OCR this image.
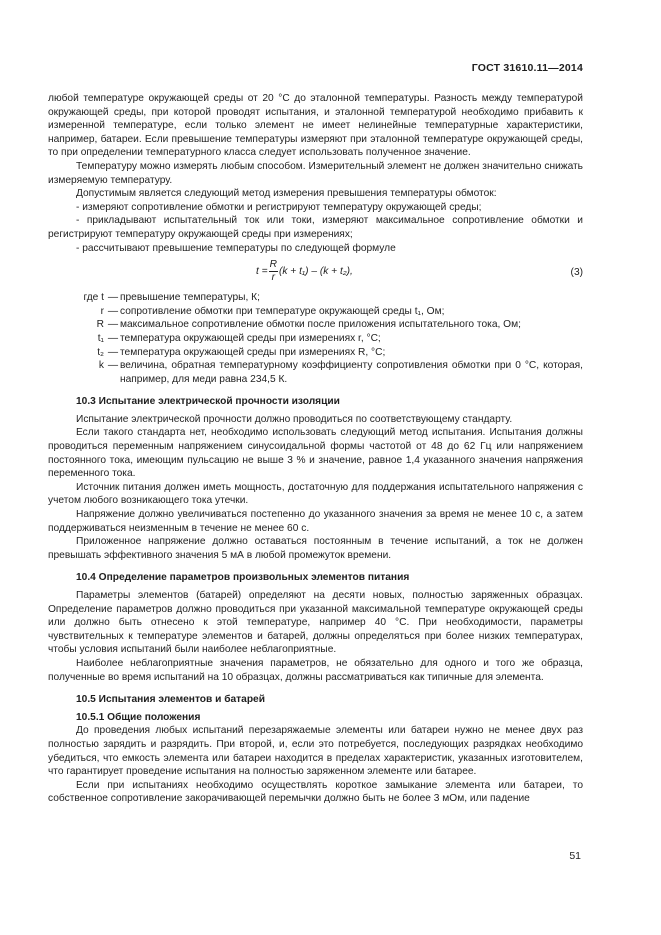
ГОСТ 31610.11—2014

любой температуре окружающей среды от 20 °С до эталонной температуры. Разность между температурой окружающей среды, при которой проводят испытания, и эталонной температурой необходимо прибавить к измеренной температуре, если только элемент не имеет нелинейные температурные характеристики, например, батареи. Если превышение температуры измеряют при эталонной температуре окружающей среды, то при определении температурного класса следует использовать полученное значение.

Температуру можно измерять любым способом. Измерительный элемент не должен значительно снижать измеряемую температуру.

Допустимым является следующий метод измерения превышения температуры обмоток:

- измеряют сопротивление обмотки и регистрируют температуру окружающей среды;

- прикладывают испытательный ток или токи, измеряют максимальное сопротивление обмотки и регистрируют температуру окружающей среды при измерениях;

- рассчитывают превышение температуры по следующей формуле

$t = \frac{R}{r} (k + t_1) - (k + t_2)$,	(3)
где t — превышение температуры, К;
r — сопротивление обмотки при температуре окружающей среды t₁, Ом;
R — максимальное сопротивление обмотки после приложения испытательного тока, Ом;
t₁ — температура окружающей среды при измерениях r, °С;
t₂ — температура окружающей среды при измерениях R, °С;
k — величина, обратная температурному коэффициенту сопротивления обмотки при 0 °С, которая, например, для меди равна 234,5 К.

10.3 Испытание электрической прочности изоляции

Испытание электрической прочности должно проводиться по соответствующему стандарту.

Если такого стандарта нет, необходимо использовать следующий метод испытания. Испытания должны проводиться переменным напряжением синусоидальной формы частотой от 48 до 62 Гц или напряжением постоянного тока, имеющим пульсацию не выше 3 % и значение, равное 1,4 указанного значения напряжения переменного тока.

Источник питания должен иметь мощность, достаточную для поддержания испытательного напряжения с учетом любого возникающего тока утечки.

Напряжение должно увеличиваться постепенно до указанного значения за время не менее 10 с, а затем поддерживаться неизменным в течение не менее 60 с.

Приложенное напряжение должно оставаться постоянным в течение испытаний, а ток не должен превышать эффективного значения 5 мА в любой промежуток времени.

10.4 Определение параметров произвольных элементов питания

Параметры элементов (батарей) определяют на десяти новых, полностью заряженных образцах. Определение параметров должно проводиться при указанной максимальной температуре окружающей среды или должно быть отнесено к этой температуре, например 40 °С. При необходимости, параметры чувствительных к температуре элементов и батарей, должны определяться при более низких температурах, чтобы условия испытаний были наиболее неблагоприятные.

Наиболее неблагоприятные значения параметров, не обязательно для одного и того же образца, полученные во время испытаний на 10 образцах, должны рассматриваться как типичные для элемента.

10.5 Испытания элементов и батарей

10.5.1 Общие положения

До проведения любых испытаний перезаряжаемые элементы или батареи нужно не менее двух раз полностью зарядить и разрядить. При второй, и, если это потребуется, последующих разрядках необходимо убедиться, что емкость элемента или батареи находится в пределах характеристик, указанных изготовителем, что гарантирует проведение испытания на полностью заряженном элементе или батарее.

Если при испытаниях необходимо осуществлять короткое замыкание элемента или батареи, то собственное сопротивление закорачивающей перемычки должно быть не более 3 мОм, или падение

51
